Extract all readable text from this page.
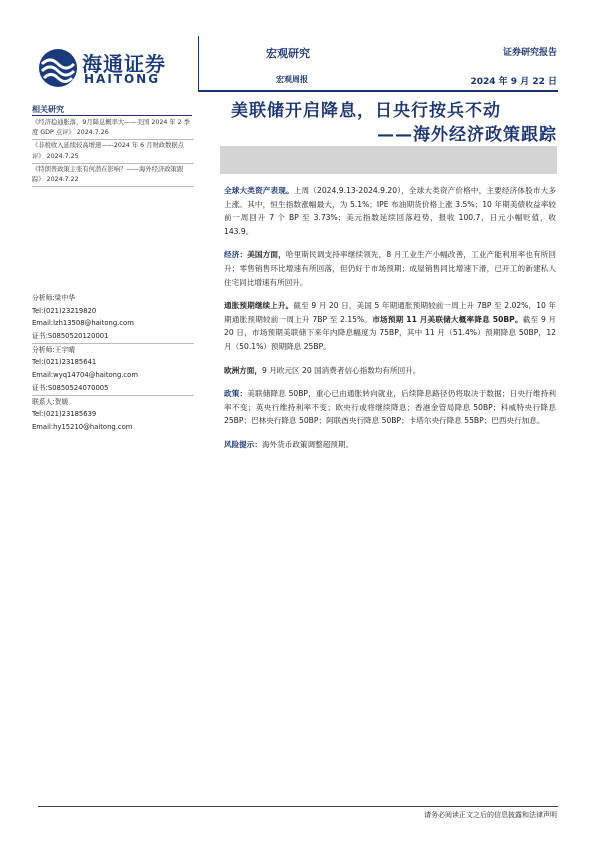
海通证券
HAITONG
宏观研究
宏观周报
证券研究报告
2024 年 9 月 22 日
美联储开启降息，日央行按兵不动
——海外经济政策跟踪
相关研究
《经济稳通胀落，9月降息概率大——美国 2024 年 2 季度 GDP 点评》 2024.7.26
《非税收入延续较高增速——2024 年 6 月财政数据点评》 2024.7.25
《特朗普政策主张有何潜在影响？——海外经济政策跟踪》 2024.7.22
分析师:梁中华
Tel:(021)23219820
Email:lzh13508@haitong.com
证书:S0850520120001
分析师:王宇晴
Tel:(021)23185641
Email:wyq14704@haitong.com
证书:S0850524070005
联系人:贺媛
Tel:(021)23185639
Email:hy15210@haitong.com

全球大类资产表现。上周（2024.9.13-2024.9.20），全球大类资产价格中，主要经济体股市大多上涨。其中，恒生指数涨幅最大，为 5.1%；IPE 布油期货价格上涨 3.5%；10 年期美债收益率较前一周回升 7 个 BP 至 3.73%；美元指数延续回落趋势，报收 100.7，日元小幅贬值，收 143.9。

经济：美国方面，哈里斯民调支持率继续领先，8 月工业生产小幅改善，工业产能利用率也有所回升；零售销售环比增速有所回落，但仍好于市场预期；成屋销售同比增速下滑，已开工的新建私人住宅同比增速有所回升。

通胀预期继续上升。截至 9 月 20 日，美国 5 年期通胀预期较前一周上升 7BP 至 2.02%，10 年期通胀预期较前一周上升 7BP 至 2.15%。市场预期 11 月美联储大概率降息 50BP。截至 9 月 20 日，市场预期美联储下来年内降息幅度为 75BP，其中 11 月（51.4%）预期降息 50BP，12 月（50.1%）预期降息 25BP。

欧洲方面，9 月欧元区 20 国消费者信心指数均有所回升。

政策：美联储降息 50BP，重心已由通胀转向就业，后续降息路径仍将取决于数据；日央行维持利率不变；英央行维持利率不变；欧央行或将继续降息；香港金管局降息 50BP；科威特央行降息 25BP；巴林央行降息 50BP；阿联酋央行降息 50BP；卡塔尔央行降息 55BP；巴西央行加息。

风险提示：海外货币政策调整超预期。

请务必阅读正文之后的信息披露和法律声明
